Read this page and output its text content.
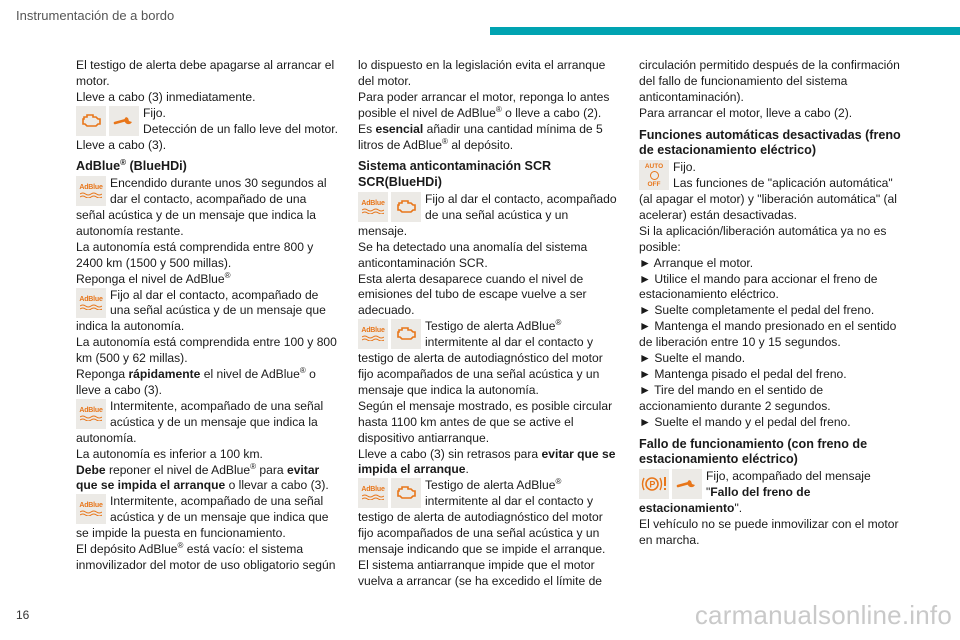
Instrumentación de a bordo

El testigo de alerta debe apagarse al arrancar el motor.

Lleve a cabo (3) inmediatamente.

Fijo.

Detección de un fallo leve del motor.

Lleve a cabo (3).

AdBlue® (BlueHDi)
AdBlue Encendido durante unos 30 segundos al dar el contacto, acompañado de una señal acústica y de un mensaje que indica la autonomía restante.

La autonomía está comprendida entre 800 y 2400 km (1500 y 500 millas).

Reponga el nivel de AdBlue®

AdBlue Fijo al dar el contacto, acompañado de una señal acústica y de un mensaje que indica la autonomía.

La autonomía está comprendida entre 100 y 800 km (500 y 62 millas).

Reponga rápidamente el nivel de AdBlue® o lleve a cabo (3).

AdBlue Intermitente, acompañado de una señal acústica y de un mensaje que indica la autonomía.

La autonomía es inferior a 100 km.

Debe reponer el nivel de AdBlue® para evitar que se impida el arranque o llevar a cabo (3).

AdBlue Intermitente, acompañado de una señal acústica y de un mensaje que indica que se impide la puesta en funcionamiento.

El depósito AdBlue® está vacío: el sistema inmovilizador del motor de uso obligatorio según

lo dispuesto en la legislación evita el arranque del motor.

Para poder arrancar el motor, reponga lo antes posible el nivel de AdBlue® o lleve a cabo (2).

Es esencial añadir una cantidad mínima de 5 litros de AdBlue® al depósito.

Sistema anticontaminación SCR SCR(BlueHDi)
AdBlue	Fijo al dar el contacto, acompañado de una señal acústica y un mensaje.

Se ha detectado una anomalía del sistema anticontaminación SCR.

Esta alerta desaparece cuando el nivel de emisiones del tubo de escape vuelve a ser adecuado.

AdBlue	Testigo de alerta AdBlue® intermitente al dar el contacto y testigo de alerta de autodiagnóstico del motor fijo acompañados de una señal acústica y un mensaje que indica la autonomía.

Según el mensaje mostrado, es posible circular hasta 1100 km antes de que se active el dispositivo antiarranque.

Lleve a cabo (3) sin retrasos para evitar que se impida el arranque.

AdBlue	Testigo de alerta AdBlue® intermitente al dar el contacto y testigo de alerta de autodiagnóstico del motor fijo acompañados de una señal acústica y un mensaje indicando que se impide el arranque.

El sistema antiarranque impide que el motor vuelva a arrancar (se ha excedido el límite de

circulación permitido después de la confirmación del fallo de funcionamiento del sistema anticontaminación).

Para arrancar el motor, lleve a cabo (2).

Funciones automáticas desactivadas (freno de estacionamiento eléctrico)
AUTO
OFF

Fijo.

Las funciones de "aplicación automática" (al apagar el motor) y "liberación automática" (al acelerar) están desactivadas.

Si la aplicación/liberación automática ya no es posible:

► Arranque el motor.

► Utilice el mando para accionar el freno de estacionamiento eléctrico.

► Suelte completamente el pedal del freno.

► Mantenga el mando presionado en el sentido de liberación entre 10 y 15 segundos.

► Suelte el mando.

► Mantenga pisado el pedal del freno.

► Tire del mando en el sentido de accionamiento durante 2 segundos.

► Suelte el mando y el pedal del freno.

Fallo de funcionamiento (con freno de estacionamiento eléctrico)
P

Fijo, acompañado del mensaje "Fallo del freno de estacionamiento".

El vehículo no se puede inmovilizar con el motor en marcha.

16	carmanualsonline.info
